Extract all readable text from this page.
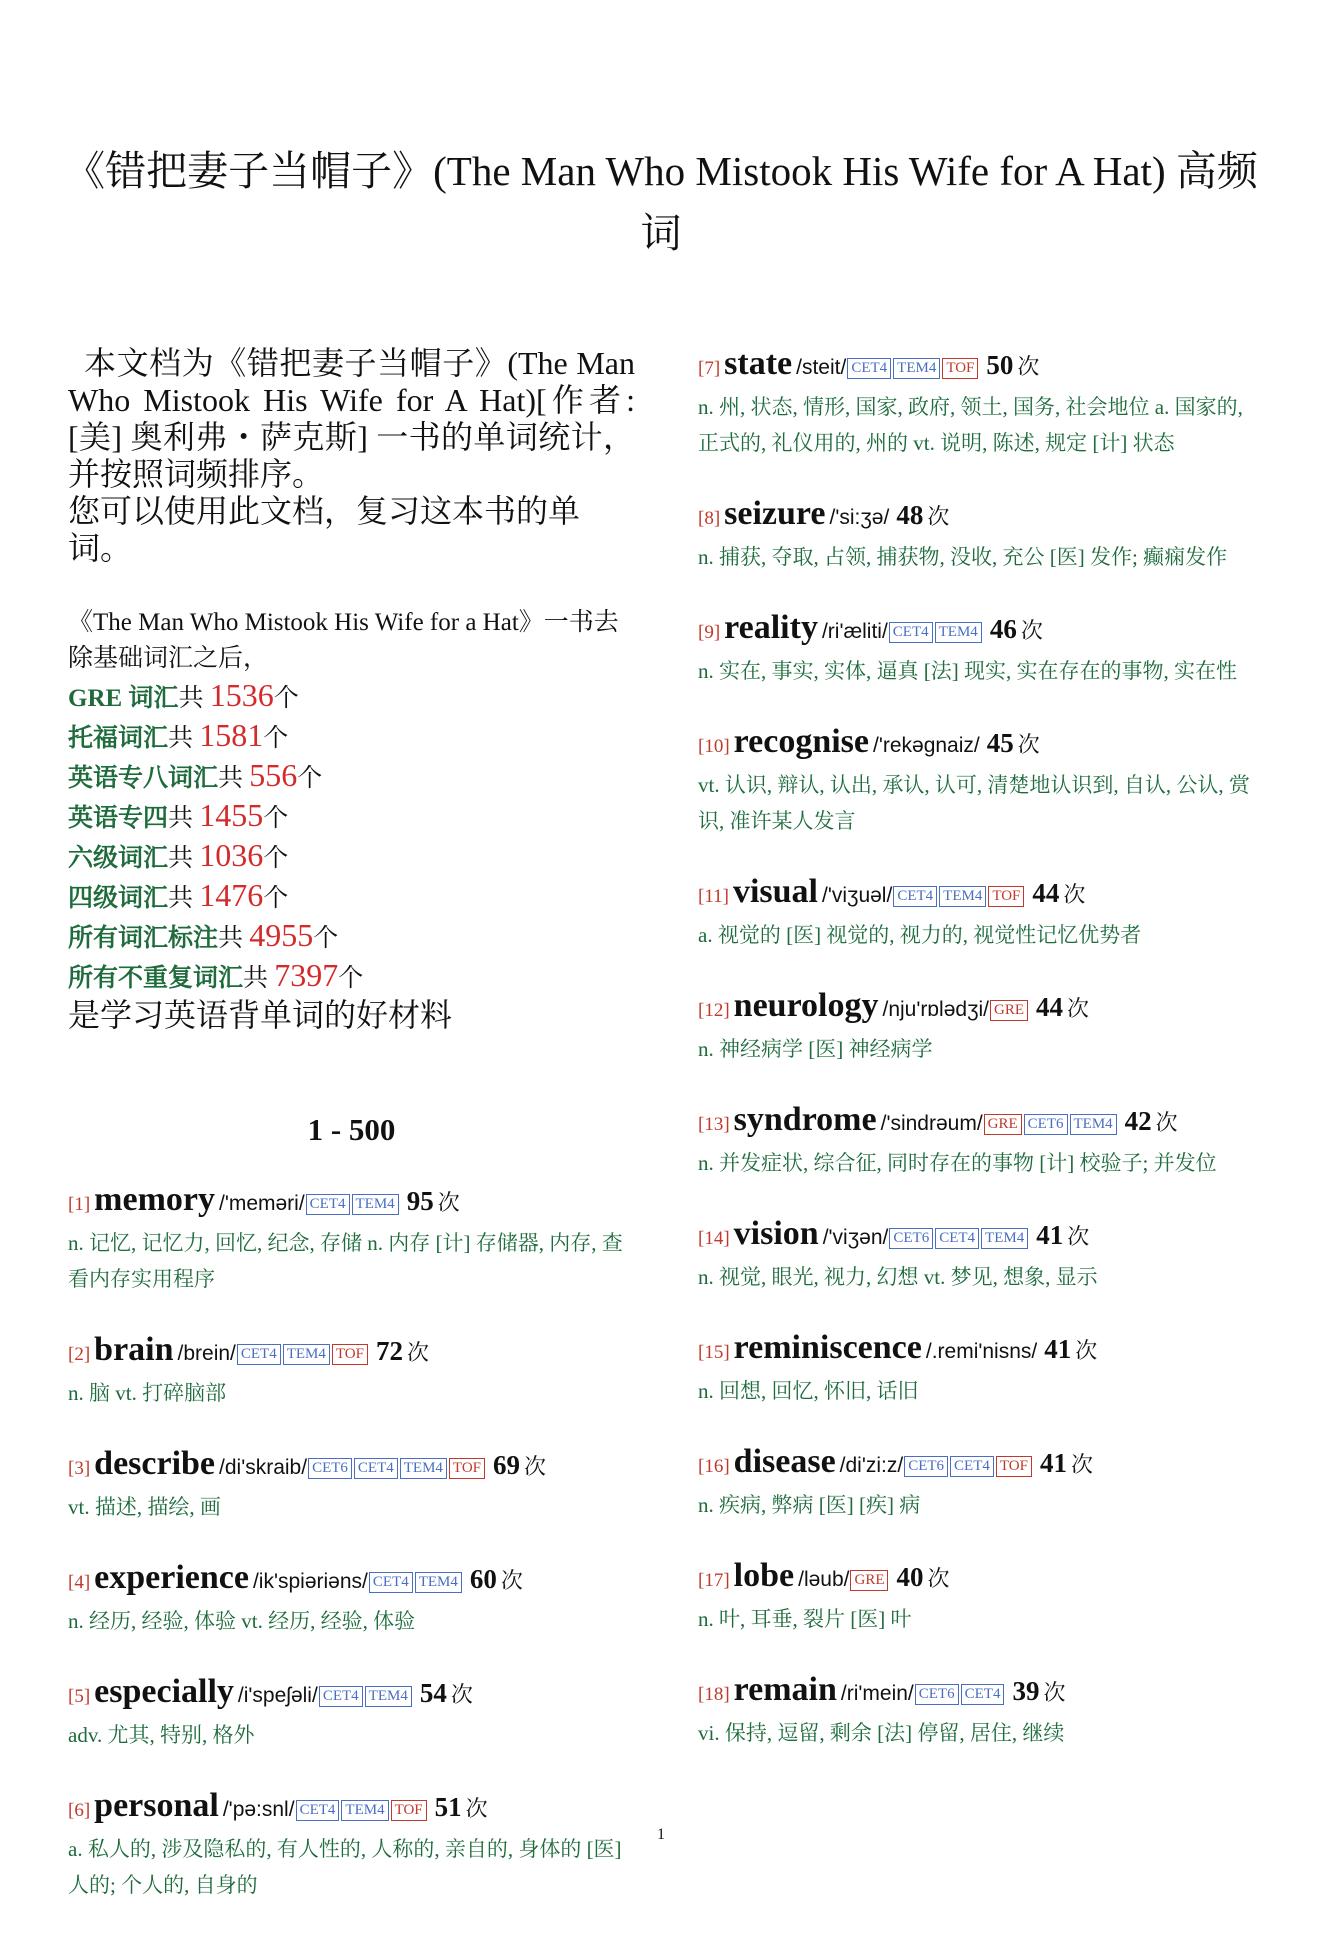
《错把妻子当帽子》(The Man Who Mistook His Wife for A Hat) 高频词

本文档为《错把妻子当帽子》(The Man Who Mistook His Wife for A Hat)[作者: [美] 奥利弗・萨克斯] 一书的单词统计，并按照词频排序。

您可以使用此文档，复习这本书的单词。

《The Man Who Mistook His Wife for a Hat》一书去除基础词汇之后，
GRE 词汇共 1536个
托福词汇共 1581个
英语专八词汇共 556个
英语专四共 1455个
六级词汇共 1036个
四级词汇共 1476个
所有词汇标注共 4955个
所有不重复词汇共 7397个
是学习英语背单词的好材料
1 - 500
[1] memory /'meməri/ CET4 TEM4 95 次
n. 记忆, 记忆力, 回忆, 纪念, 存储 n. 内存 [计] 存储器, 内存, 查看内存实用程序
[2] brain /brein/ CET4 TEM4 TOF 72 次
n. 脑 vt. 打碎脑部
[3] describe /di'skraib/ CET6 CET4 TEM4 TOF 69 次
vt. 描述, 描绘, 画
[4] experience /ik'spiəriəns/ CET4 TEM4 60 次
n. 经历, 经验, 体验 vt. 经历, 经验, 体验
[5] especially /i'speʃəli/ CET4 TEM4 54 次
adv. 尤其, 特别, 格外
[6] personal /'pə:snl/ CET4 TEM4 TOF 51 次
a. 私人的, 涉及隐私的, 有人性的, 人称的, 亲自的, 身体的 [医] 人的; 个人的, 自身的
[7] state /steit/ CET4 TEM4 TOF 50 次
n. 州, 状态, 情形, 国家, 政府, 领土, 国务, 社会地位 a. 国家的, 正式的, 礼仪用的, 州的 vt. 说明, 陈述, 规定 [计] 状态
[8] seizure /'si:ʒə/ 48 次
n. 捕获, 夺取, 占领, 捕获物, 没收, 充公 [医] 发作; 癫痫发作
[9] reality /ri'æliti/ CET4 TEM4 46 次
n. 实在, 事实, 实体, 逼真 [法] 现实, 实在存在的事物, 实在性
[10] recognise /'rekəgnaiz/ 45 次
vt. 认识, 辩认, 认出, 承认, 认可, 清楚地认识到, 自认, 公认, 赏识, 准许某人发言
[11] visual /'viʒuəl/ CET4 TEM4 TOF 44 次
a. 视觉的 [医] 视觉的, 视力的, 视觉性记忆优势者
[12] neurology /nju'rɒlədʒi/ GRE 44 次
n. 神经病学 [医] 神经病学
[13] syndrome /'sindrəum/ GRE CET6 TEM4 42 次
n. 并发症状, 综合征, 同时存在的事物 [计] 校验子; 并发位
[14] vision /'viʒən/ CET6 CET4 TEM4 41 次
n. 视觉, 眼光, 视力, 幻想 vt. 梦见, 想象, 显示
[15] reminiscence /.remi'nisns/ 41 次
n. 回想, 回忆, 怀旧, 话旧
[16] disease /di'zi:z/ CET6 CET4 TOF 41 次
n. 疾病, 弊病 [医] [疾] 病
[17] lobe /ləub/ GRE 40 次
n. 叶, 耳垂, 裂片 [医] 叶
[18] remain /ri'mein/ CET6 CET4 39 次
vi. 保持, 逗留, 剩余 [法] 停留, 居住, 继续
1
